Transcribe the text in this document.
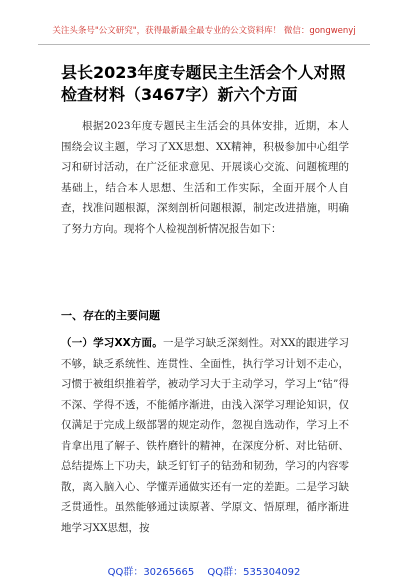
关注头条号"公文研究"，获得最新最全最专业的公文资料库！ 微信：gongwenyj
县长2023年度专题民主生活会个人对照检查材料（3467字）新六个方面

根据2023年度专题民主生活会的具体安排，近期，本人围绕会议主题，学习了XX思想、XX精神，积极参加中心组学习和研讨活动，在广泛征求意见、开展谈心交流、问题梳理的基础上，结合本人思想、生活和工作实际，全面开展个人自查，找准问题根源，深刻剖析问题根源，制定改进措施，明确了努力方向。现将个人检视剖析情况报告如下：

一、存在的主要问题

（一）学习XX方面。一是学习缺乏深刻性。对XX的跟进学习不够，缺乏系统性、连贯性、全面性，执行学习计划不走心，习惯于被组织推着学，被动学习大于主动学习，学习上“钻”得不深、学得不透，不能循序渐进，由浅入深学习理论知识，仅仅满足于完成上级部署的规定动作，忽视自选动作，学习上不肯拿出甩了解子、铁杵磨针的精神，在深度分析、对比钻研、总结提炼上下功夫，缺乏钉钉子的钻劲和韧劲，学习的内容零散，离入脑入心、学懂弄通做实还有一定的差距。二是学习缺乏贯通性。虽然能够通过读原著、学原文、悟原理，循序渐进地学习XX思想，按

QQ群：30265665 QQ群：535304092
